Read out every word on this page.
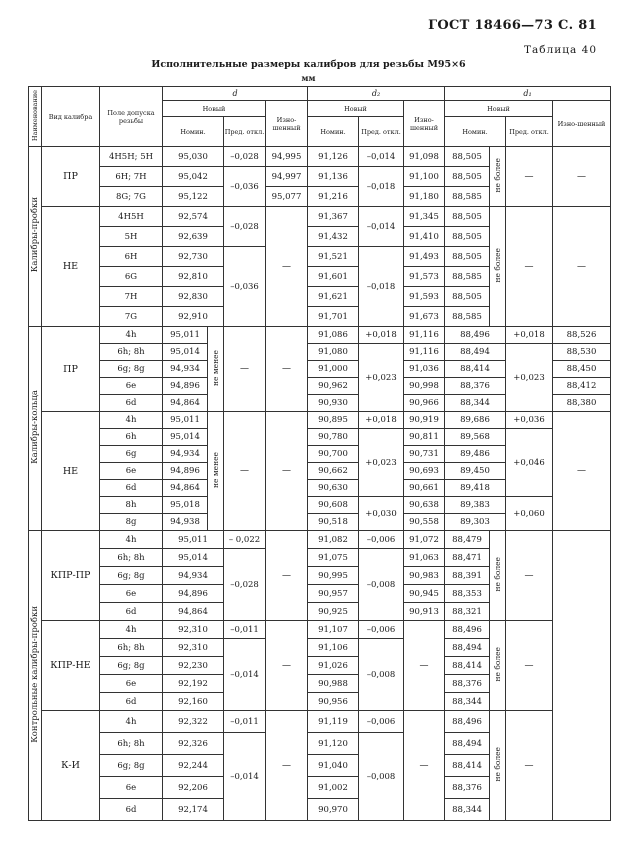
ГОСТ 18466—73 С. 81
Таблица 40
Исполнительные размеры калибров для резьбы М95×6
мм
Наименование	Вид калибра	Поле допуска резьбы	d				d₂			d₁			
			Новый			Изно-шенный	Новый		Изно-шенный	Новый			Изно-шенный
			Номин.		Пред. откл.		Номин.	Пред. откл.		Номин.		Пред. откл.	
Калибры-пробки	ПР	4H5H; 5H	95,030		–0,028	94,995	91,126	–0,014	91,098	88,505	не более	—	—
		6H; 7H	95,042		–0,036	94,997	91,136	–0,018	91,100	88,505			
		8G; 7G	95,122			95,077	91,216		91,180	88,585			
	НЕ	4H5H	92,574		–0,028	—	91,367	–0,014	91,345	88,505	не более	—	—
		5H	92,639				91,432		91,410	88,505			
		6H	92,730		–0,036		91,521	–0,018	91,493	88,505			
		6G	92,810				91,601		91,573	88,585			
		7H	92,830				91,621		91,593	88,505			
		7G	92,910				91,701		91,673	88,585			
Калибры-кольца	ПР	4h	95,011	не менее	—	—	91,086	+0,018	91,116	88,496		+0,018	88,526
		6h; 8h	95,014				91,080	+0,023	91,116	88,494		+0,023	88,530
		6g; 8g	94,934				91,000		91,036	88,414			88,450
		6e	94,896				90,962		90,998	88,376			88,412
		6d	94,864				90,930		90,966	88,344			88,380
	НЕ	4h	95,011	не менее	—	—	90,895	+0,018	90,919	89,686		+0,036	—
		6h	95,014				90,780	+0,023	90,811	89,568		+0,046	
		6g	94,934				90,700		90,731	89,486			
		6e	94,896				90,662		90,693	89,450			
		6d	94,864				90,630		90,661	89,418			
		8h	95,018				90,608	+0,030	90,638	89,383		+0,060	
		8g	94,938				90,518		90,558	89,303			
Контрольные калибры-пробки	КПР-ПР	4h	95,011		– 0,022	—	91,082	–0,006	91,072	88,479	не более	—	
		6h; 8h	95,014		–0,028		91,075	–0,008	91,063	88,471			
		6g; 8g	94,934				90,995		90,983	88,391			
		6e	94,896				90,957		90,945	88,353			
		6d	94,864				90,925		90,913	88,321			
	КПР-НЕ	4h	92,310		–0,011	—	91,107	–0,006	—	88,496	не более	—	
		6h; 8h	92,310		–0,014		91,106	–0,008		88,494			
		6g; 8g	92,230				91,026			88,414			
		6e	92,192				90,988			88,376			
		6d	92,160				90,956			88,344			
	К-И	4h	92,322		–0,011	—	91,119	–0,006	—	88,496	не более	—	
		6h; 8h	92,326		–0,014		91,120	–0,008		88,494			
		6g; 8g	92,244				91,040			88,414			
		6e	92,206				91,002			88,376			
		6d	92,174				90,970			88,344			
